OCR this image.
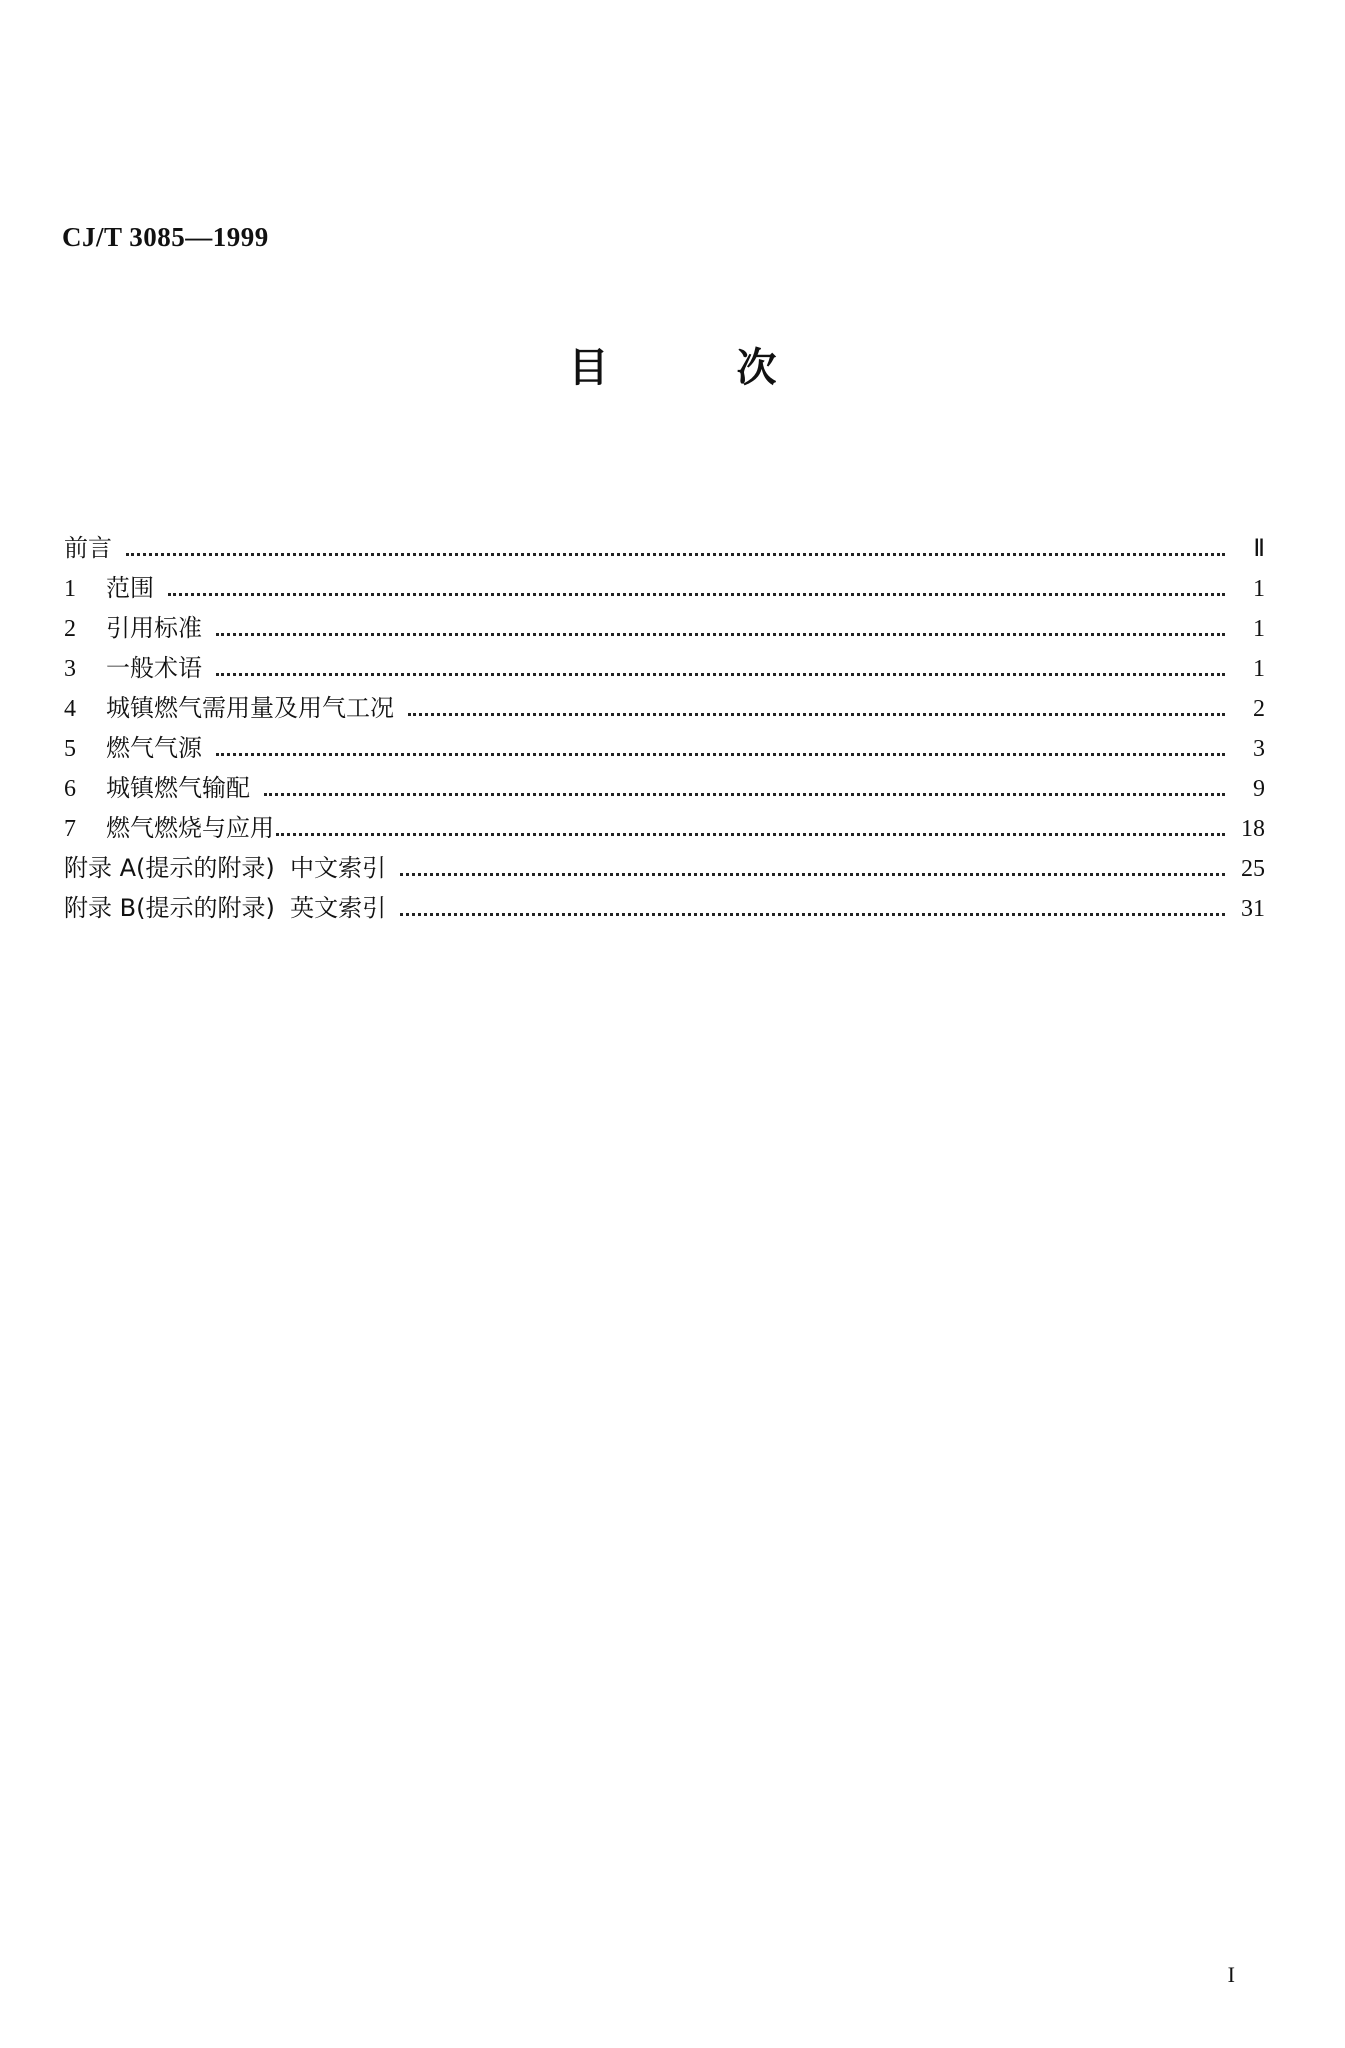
CJ/T 3085—1999
目次
前言	Ⅱ
1	范围	1
2	引用标准	1
3	一般术语	1
4	城镇燃气需用量及用气工况	2
5	燃气气源	3
6	城镇燃气输配	9
7	燃气燃烧与应用	18
附录 A(提示的附录)  中文索引	25
附录 B(提示的附录)  英文索引	31
I
